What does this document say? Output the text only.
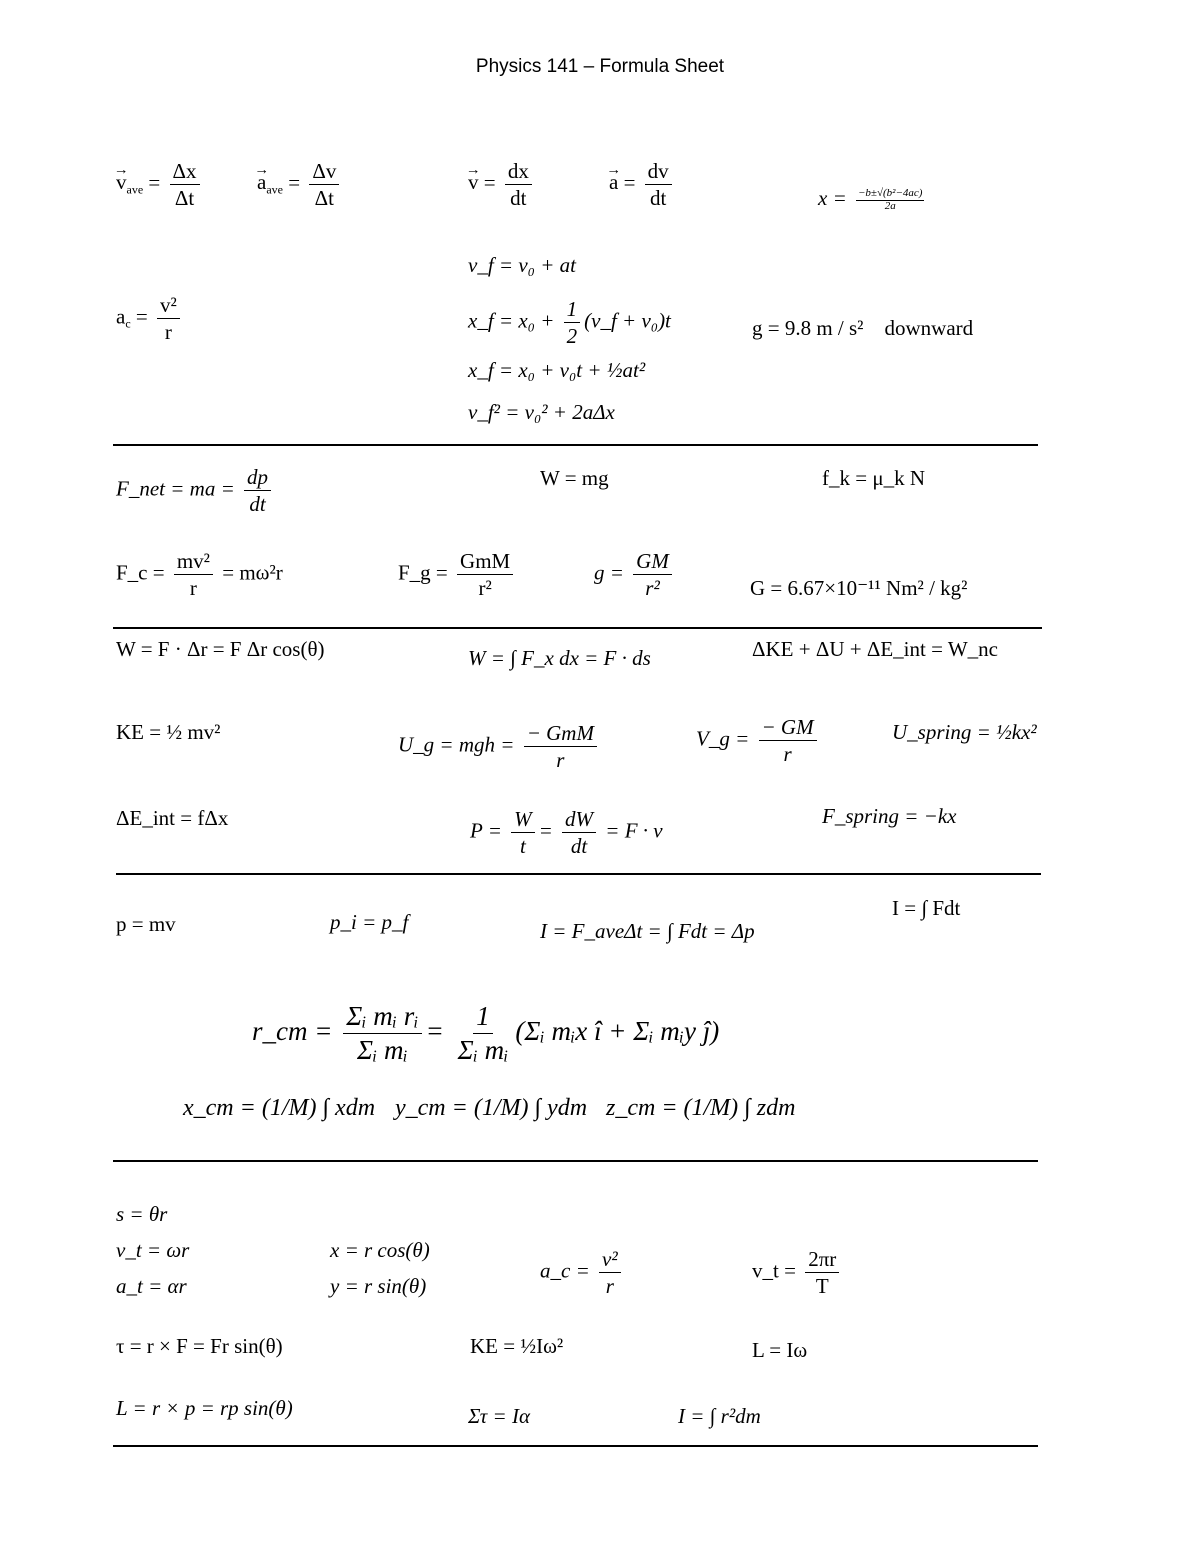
Physics 141 – Formula Sheet
→ $v_{ave} = \frac{\Delta x}{\Delta t}$	→ $a_{ave} = \frac{\Delta v}{\Delta t}$	→ $v = \frac{dx}{dt}$	→ $a = \frac{dv}{dt}$	$x = \frac{\text{−b±√(b²−4ac)}}{2a}$
$a_c = \frac{\text{v²}}{r}$
v_f = v₀ + at
x_f = $x_0 + \frac{1}{2}$ (v_f + v₀)t
x_f = x₀ + v₀t + ½at²
v_f² = v₀² + 2aΔx
g = 9.8 m / s² downward
F_net = ma = $\frac{dp}{dt}$	W = mg	f_k = μ_k N
F_c = $\frac{\text{mv²}}{r} = m\omega^2r$	F_g = $\frac{\text{GmM}}{\text{r²}}$	$g = \frac{GM}{\text{r²}}$	G = 6.67×10⁻¹¹ Nm² / kg²
W = F · Δr = F Δr cos(θ)	W = ∫ F_x dx = F · ds	ΔKE + ΔU + ΔE_int = W_nc
KE = ½ mv²
U_g = mgh = $\frac{\text{− GmM}}{r}$	V_g = $\frac{- GM}{r}$	U_spring = ½kx²
ΔE_int = fΔx
$P = \frac{W}{t} = \frac{dW}{dt} = F \cdot v$
F_spring = −kx
p = mv	p_i = p_f	I = F_aveΔt = ∫ Fdt = Δp
I = ∫ Fdt
r_cm = $\frac{\text{Σᵢ mᵢ rᵢ}}{\text{Σᵢ mᵢ}} = \frac{1}{\text{Σᵢ mᵢ}}$ (Σᵢ mᵢx î + Σᵢ mᵢy ĵ)
x_cm = (1/M) ∫ xdm y_cm = (1/M) ∫ ydm z_cm = (1/M) ∫ zdm
s = θr
v_t = ωr
a_t = αr
x = r cos(θ)
y = r sin(θ)
a_c = $\frac{\text{v²}}{r}$	v_t = $\frac{2\pi r}{T}$
τ = r × F = Fr sin(θ)	KE = ½Iω²	L = Iω
L = r × p = rp sin(θ)	Στ = Iα	I = ∫ r²dm
